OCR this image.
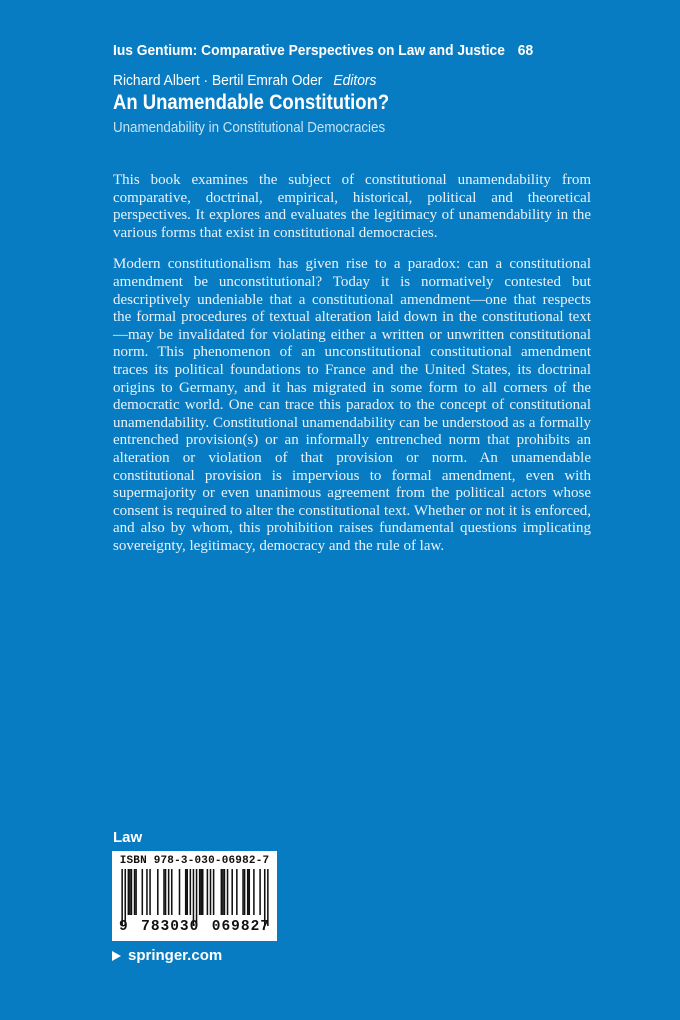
Ius Gentium: Comparative Perspectives on Law and Justice 68
Richard Albert · Bertil Emrah Oder Editors
An Unamendable Constitution?
Unamendability in Constitutional Democracies

This book examines the subject of constitutional unamendability from comparative, doctrinal, empirical, historical, political and theoretical perspectives. It explores and evaluates the legitimacy of unamendability in the various forms that exist in constitutional democracies.

Modern constitutionalism has given rise to a paradox: can a constitutional amendment be unconstitutional? Today it is normatively contested but descriptively undeniable that a constitutional amendment—one that respects the formal procedures of textual alteration laid down in the constitutional text—may be invalidated for violating either a written or unwritten constitutional norm. This phenomenon of an unconstitutional constitutional amendment traces its political foundations to France and the United States, its doctrinal origins to Germany, and it has migrated in some form to all corners of the democratic world. One can trace this paradox to the concept of constitutional unamendability. Constitutional unamendability can be understood as a formally entrenched provision(s) or an informally entrenched norm that prohibits an alteration or violation of that provision or norm. An unamendable constitutional provision is impervious to formal amendment, even with supermajority or even unanimous agreement from the political actors whose consent is required to alter the constitutional text. Whether or not it is enforced, and also by whom, this prohibition raises fundamental questions implicating sovereignty, legitimacy, democracy and the rule of law.

Law
ISBN 978-3-030-06982-7
9 783030 069827
springer.com
